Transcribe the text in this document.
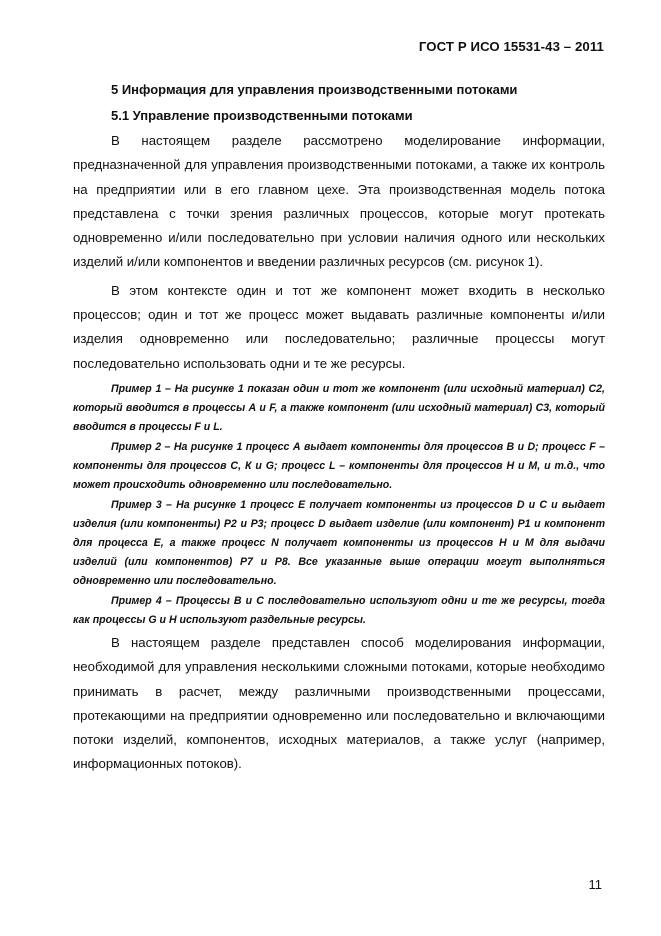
ГОСТ Р ИСО 15531-43 – 2011
5 Информация для управления производственными потоками
5.1 Управление производственными потоками

В настоящем разделе рассмотрено моделирование информации, предназначенной для управления производственными потоками, а также их контроль на предприятии или в его главном цехе. Эта производственная модель потока представлена с точки зрения различных процессов, которые могут протекать одновременно и/или последовательно при условии наличия одного или нескольких изделий и/или компонентов и введении различных ресурсов (см. рисунок 1).

В этом контексте один и тот же компонент может входить в несколько процессов; один и тот же процесс может выдавать различные компоненты и/или изделия одновременно или последовательно; различные процессы могут последовательно использовать одни и те же ресурсы.

Пример 1 – На рисунке 1 показан один и тот же компонент (или исходный материал) С2, который вводится в процессы А и F, а также компонент (или исходный материал) С3, который вводится в процессы F и L.

Пример 2 – На рисунке 1 процесс А выдает компоненты для процессов В и D; процесс F – компоненты для процессов С, К и G; процесс L – компоненты для процессов Н и М, и т.д., что может происходить одновременно или последовательно.

Пример 3 – На рисунке 1 процесс Е получает компоненты из процессов D и С и выдает изделия (или компоненты) Р2 и Р3; процесс D выдает изделие (или компонент) Р1 и компонент для процесса Е, а также процесс N получает компоненты из процессов Н и М для выдачи изделий (или компонентов) Р7 и Р8. Все указанные выше операции могут выполняться одновременно или последовательно.

Пример 4 – Процессы В и С последовательно используют одни и те же ресурсы, тогда как процессы G и Н используют раздельные ресурсы.

В настоящем разделе представлен способ моделирования информации, необходимой для управления несколькими сложными потоками, которые необходимо принимать в расчет, между различными производственными процессами, протекающими на предприятии одновременно или последовательно и включающими потоки изделий, компонентов, исходных материалов, а также услуг (например, информационных потоков).

11
